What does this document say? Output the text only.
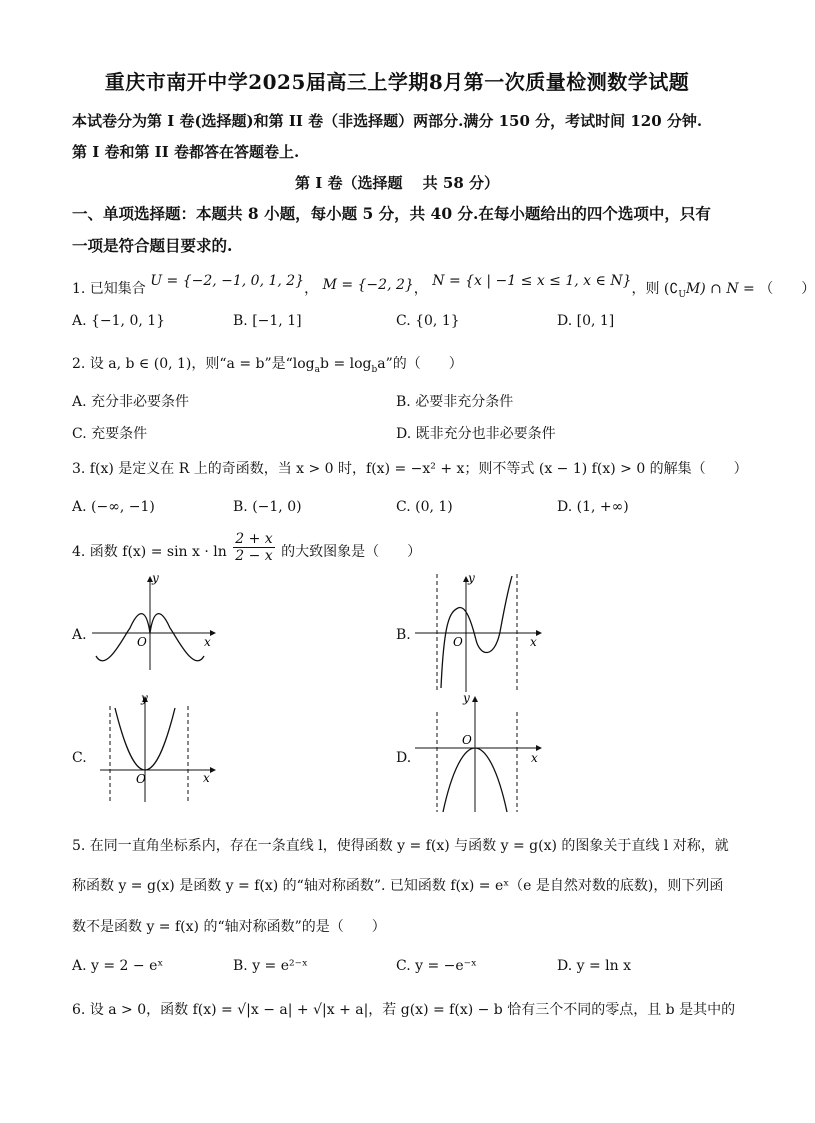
重庆市南开中学2025届高三上学期8月第一次质量检测数学试题
本试卷分为第 I 卷(选择题)和第 II 卷（非选择题）两部分.满分 150 分，考试时间 120 分钟.
第 I 卷和第 II 卷都答在答题卷上.
第 I 卷（选择题　 共 58 分）
一、单项选择题：本题共 8 小题，每小题 5 分，共 40 分.在每小题给出的四个选项中，只有
一项是符合题目要求的.
1. 已知集合 U = {−2, −1, 0, 1, 2}， M = {−2, 2}， N = {x | −1 ≤ x ≤ 1, x ∈ N}，则 $(∁_UM)$ ∩ N = （　　）
A. {−1, 0, 1}	B. [−1, 1]	C. {0, 1}	D. [0, 1]
2. 设 a, b ∈ (0, 1)，则“a = b”是“$\log_ab = \log_ba$”的（　　）
A. 充分非必要条件	B. 必要非充分条件
C. 充要条件	D. 既非充分也非必要条件
3. f(x) 是定义在 R 上的奇函数，当 x > 0 时，f(x) = −x² + x；则不等式 (x − 1) f(x) > 0 的解集（　　）
A. (−∞, −1)	B. (−1, 0)	C. (0, 1)	D. (1, +∞)
4. 函数 $f(x) = \sin x \cdot \ln \frac{2 + x}{2 - x}$ 的大致图象是（　　）
A.	B.
C.	D.
y
x
O
y
x
O
y
x
O
y
x
O
5. 在同一直角坐标系内，存在一条直线 l，使得函数 y = f(x) 与函数 y = g(x) 的图象关于直线 l 对称，就
称函数 y = g(x) 是函数 y = f(x) 的“轴对称函数”. 已知函数 f(x) = eˣ（e 是自然对数的底数)，则下列函
数不是函数 y = f(x) 的“轴对称函数”的是（　　）
A. y = 2 − eˣ	B. y = e²⁻ˣ	C. y = −e⁻ˣ	D. y = ln x
6. 设 a > 0，函数 f(x) = √|x − a| + √|x + a|，若 g(x) = f(x) − b 恰有三个不同的零点，且 b 是其中的
